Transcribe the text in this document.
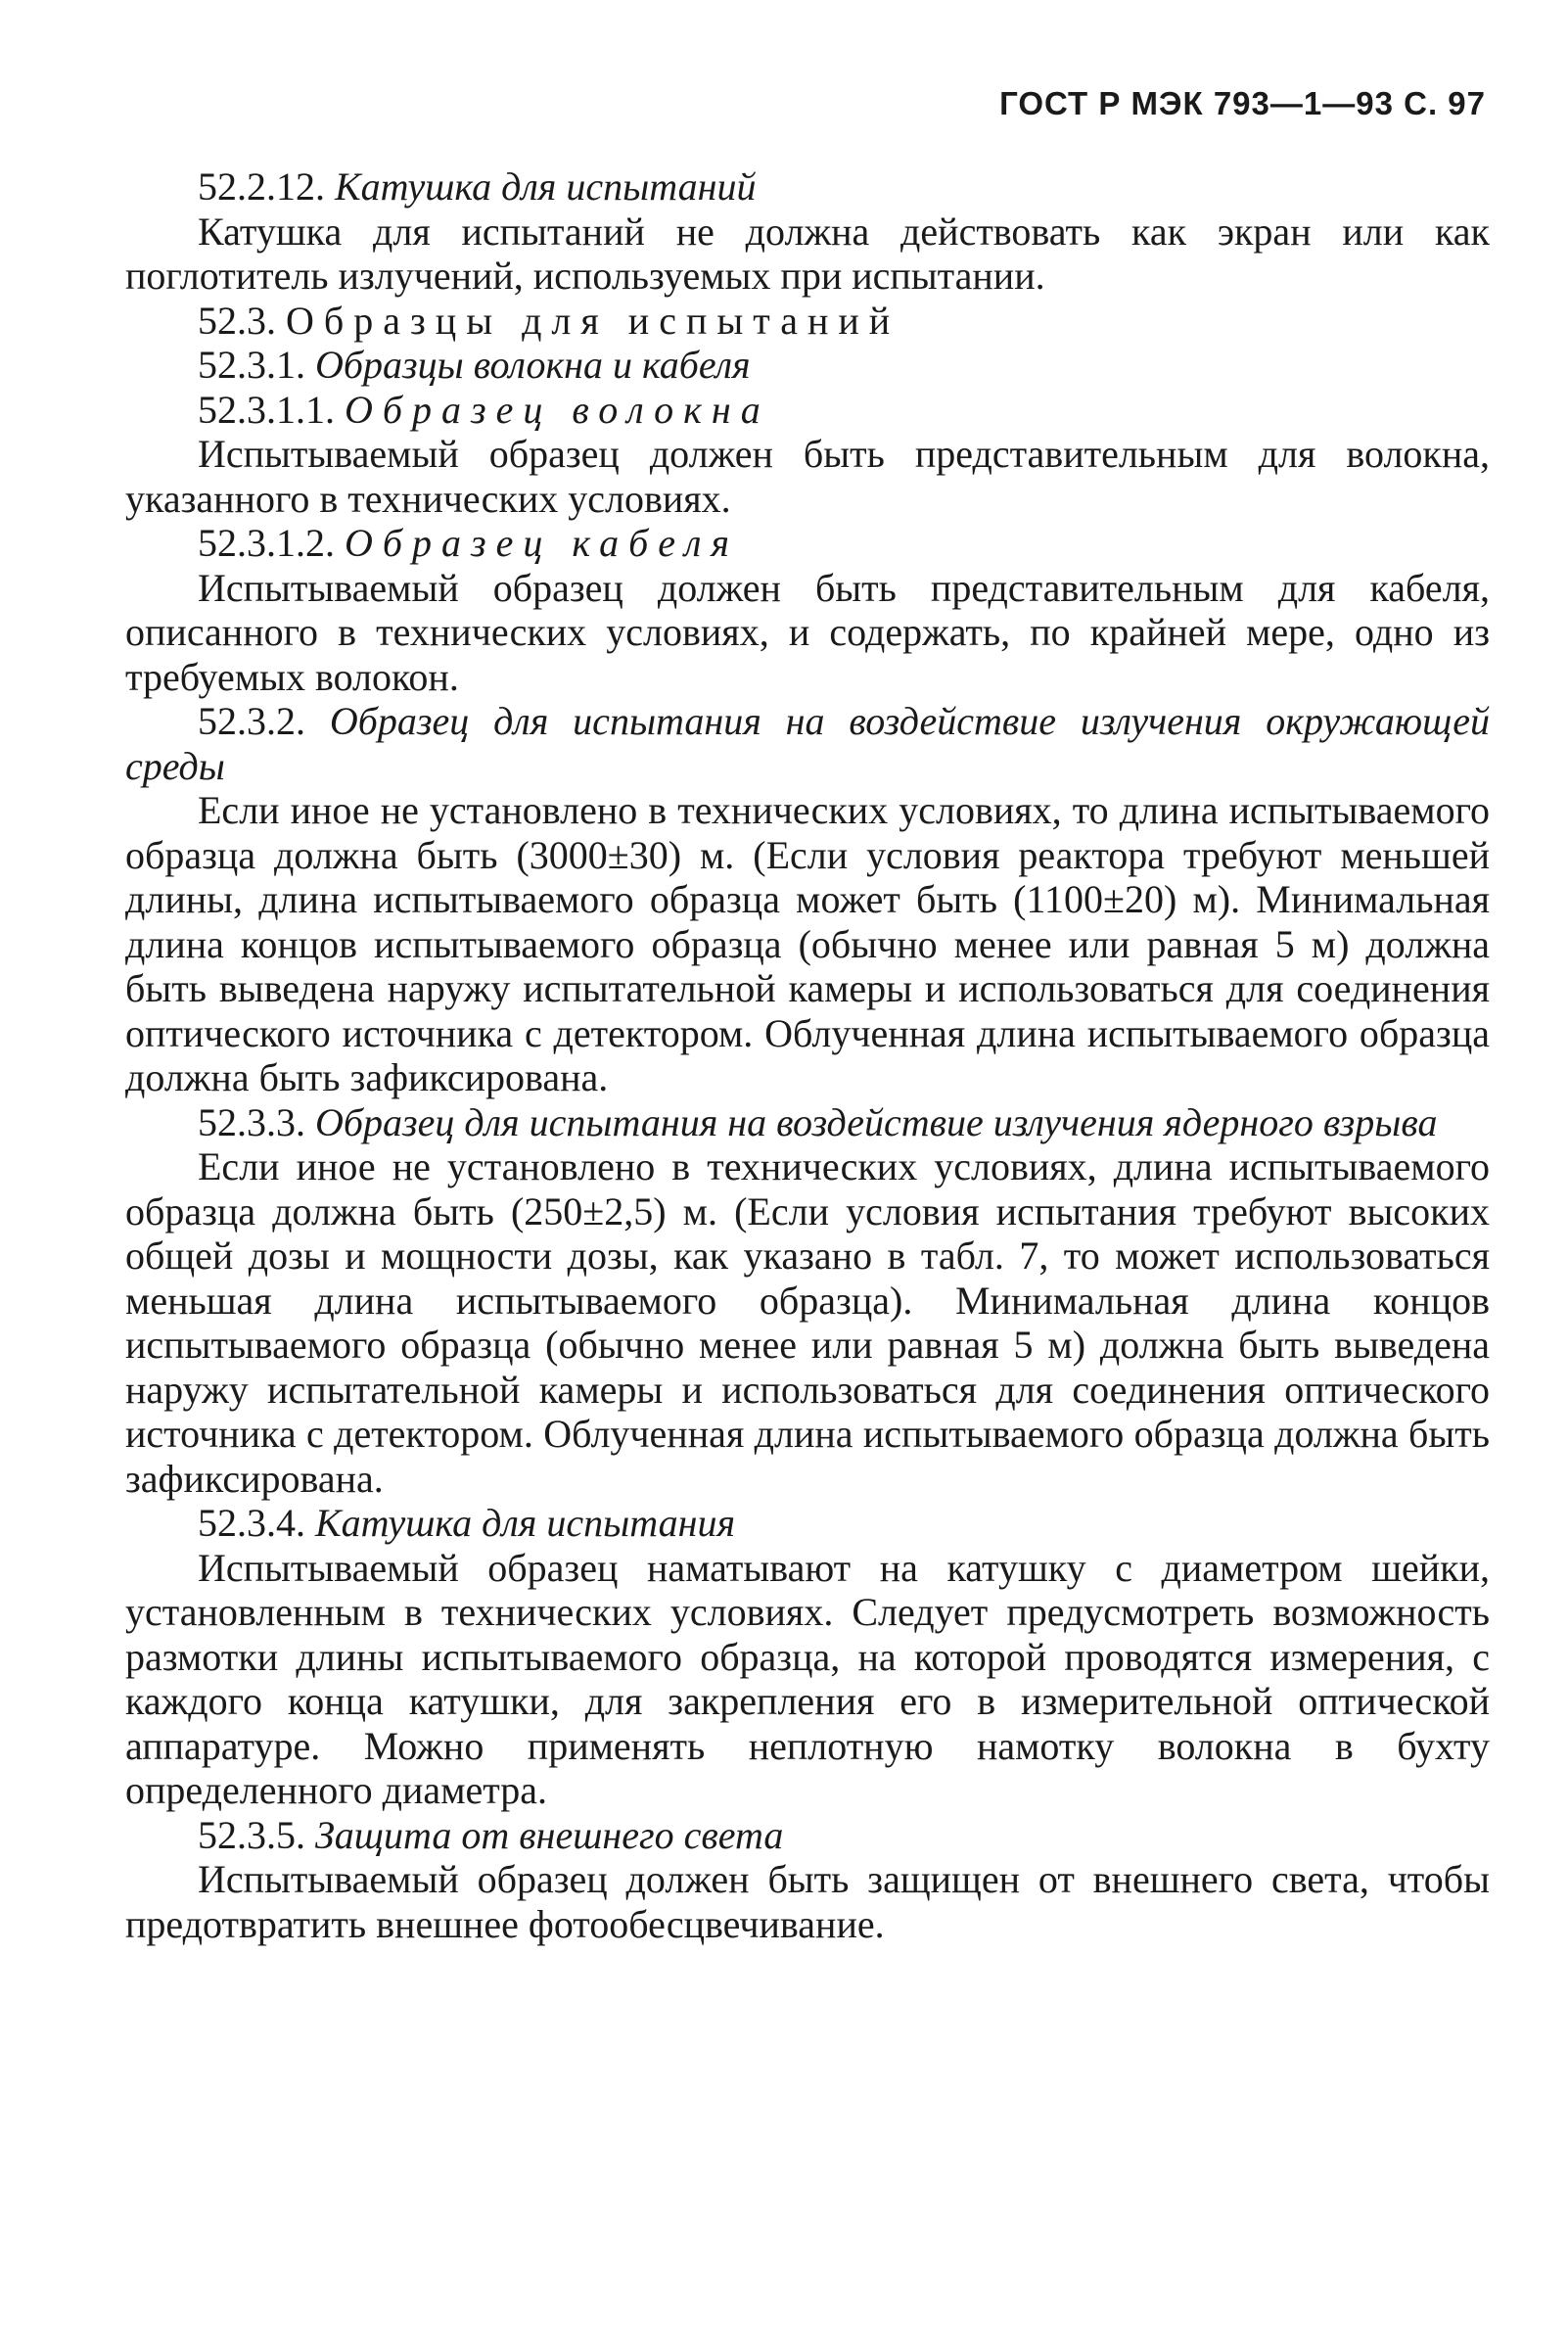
ГОСТ Р МЭК 793—1—93 С. 97

52.2.12. Катушка для испытаний

Катушка для испытаний не должна действовать как экран или как поглотитель излучений, используемых при испытании.

52.3. Образцы для испытаний

52.3.1. Образцы волокна и кабеля

52.3.1.1. Образец волокна

Испытываемый образец должен быть представительным для волокна, указанного в технических условиях.

52.3.1.2. Образец кабеля

Испытываемый образец должен быть представительным для кабеля, описанного в технических условиях, и содержать, по крайней мере, одно из требуемых волокон.

52.3.2. Образец для испытания на воздействие излучения окружающей среды

Если иное не установлено в технических условиях, то длина испытываемого образца должна быть (3000±30) м. (Если условия реактора требуют меньшей длины, длина испытываемого образца может быть (1100±20) м). Минимальная длина концов испытываемого образца (обычно менее или равная 5 м) должна быть выведена наружу испытательной камеры и использоваться для соединения оптического источника с детектором. Облученная длина испытываемого образца должна быть зафиксирована.

52.3.3. Образец для испытания на воздействие излучения ядерного взрыва

Если иное не установлено в технических условиях, длина испытываемого образца должна быть (250±2,5) м. (Если условия испытания требуют высоких общей дозы и мощности дозы, как указано в табл. 7, то может использоваться меньшая длина испытываемого образца). Минимальная длина концов испытываемого образца (обычно менее или равная 5 м) должна быть выведена наружу испытательной камеры и использоваться для соединения оптического источника с детектором. Облученная длина испытываемого образца должна быть зафиксирована.

52.3.4. Катушка для испытания

Испытываемый образец наматывают на катушку с диаметром шейки, установленным в технических условиях. Следует предусмотреть возможность размотки длины испытываемого образца, на которой проводятся измерения, с каждого конца катушки, для закрепления его в измерительной оптической аппаратуре. Можно применять неплотную намотку волокна в бухту определенного диаметра.

52.3.5. Защита от внешнего света

Испытываемый образец должен быть защищен от внешнего света, чтобы предотвратить внешнее фотообесцвечивание.
